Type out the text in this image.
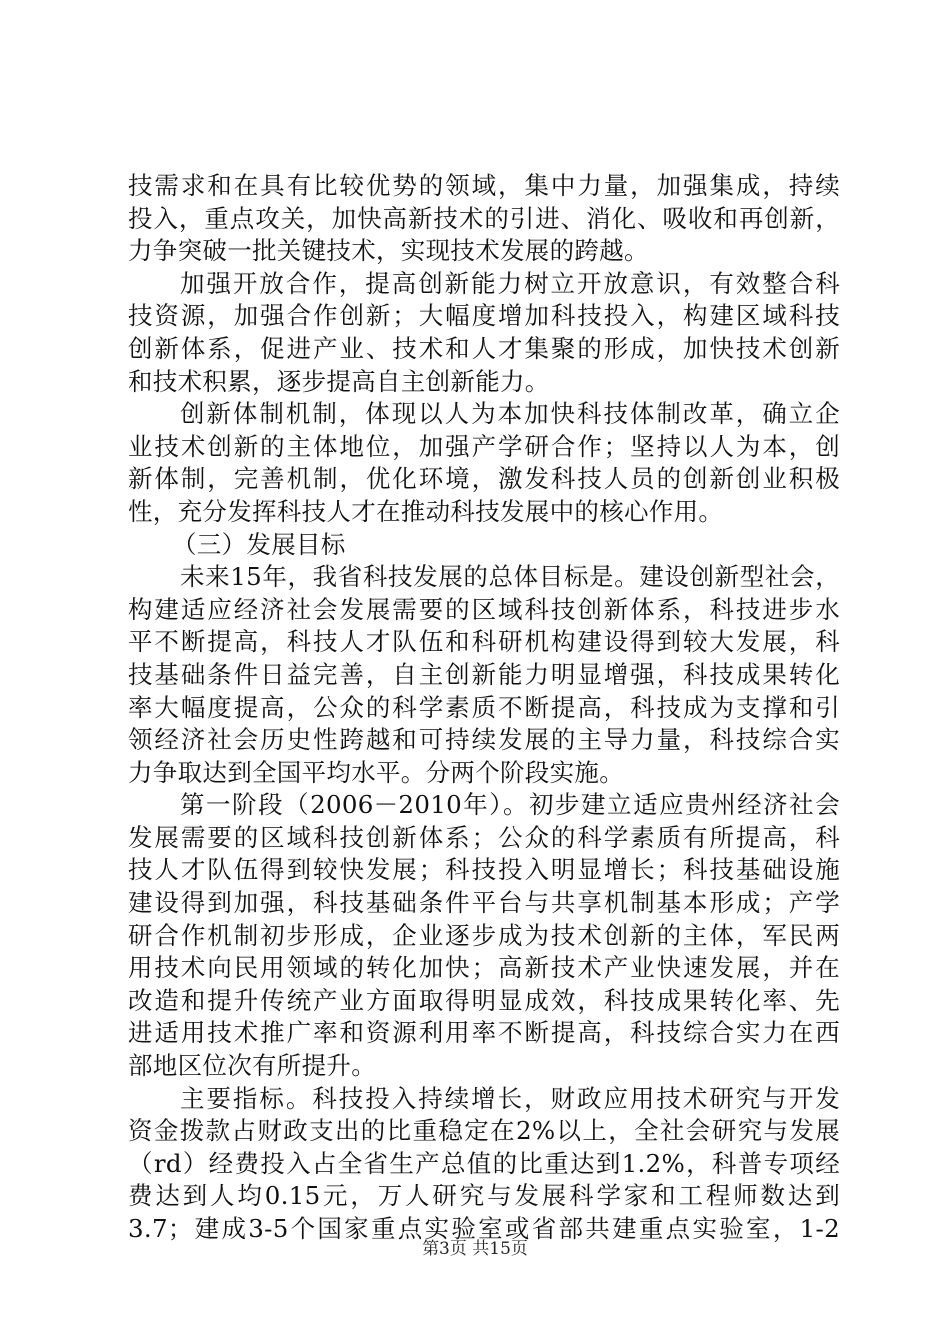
技需求和在具有比较优势的领域，集中力量，加强集成，持续
投入，重点攻关，加快高新技术的引进、消化、吸收和再创新，
力争突破一批关键技术，实现技术发展的跨越。
加强开放合作，提高创新能力树立开放意识，有效整合科
技资源，加强合作创新；大幅度增加科技投入，构建区域科技
创新体系，促进产业、技术和人才集聚的形成，加快技术创新
和技术积累，逐步提高自主创新能力。
创新体制机制，体现以人为本加快科技体制改革，确立企
业技术创新的主体地位，加强产学研合作；坚持以人为本，创
新体制，完善机制，优化环境，激发科技人员的创新创业积极
性，充分发挥科技人才在推动科技发展中的核心作用。
（三）发展目标
未来15年，我省科技发展的总体目标是。建设创新型社会，
构建适应经济社会发展需要的区域科技创新体系，科技进步水
平不断提高，科技人才队伍和科研机构建设得到较大发展，科
技基础条件日益完善，自主创新能力明显增强，科技成果转化
率大幅度提高，公众的科学素质不断提高，科技成为支撑和引
领经济社会历史性跨越和可持续发展的主导力量，科技综合实
力争取达到全国平均水平。分两个阶段实施。
第一阶段（2006－2010年）。初步建立适应贵州经济社会
发展需要的区域科技创新体系；公众的科学素质有所提高，科
技人才队伍得到较快发展；科技投入明显增长；科技基础设施
建设得到加强，科技基础条件平台与共享机制基本形成；产学
研合作机制初步形成，企业逐步成为技术创新的主体，军民两
用技术向民用领域的转化加快；高新技术产业快速发展，并在
改造和提升传统产业方面取得明显成效，科技成果转化率、先
进适用技术推广率和资源利用率不断提高，科技综合实力在西
部地区位次有所提升。
主要指标。科技投入持续增长，财政应用技术研究与开发
资金拨款占财政支出的比重稳定在2%以上，全社会研究与发展
（rd）经费投入占全省生产总值的比重达到1.2%，科普专项经
费达到人均0.15元，万人研究与发展科学家和工程师数达到
3.7；建成3-5个国家重点实验室或省部共建重点实验室，1-2
第3页 共15页
